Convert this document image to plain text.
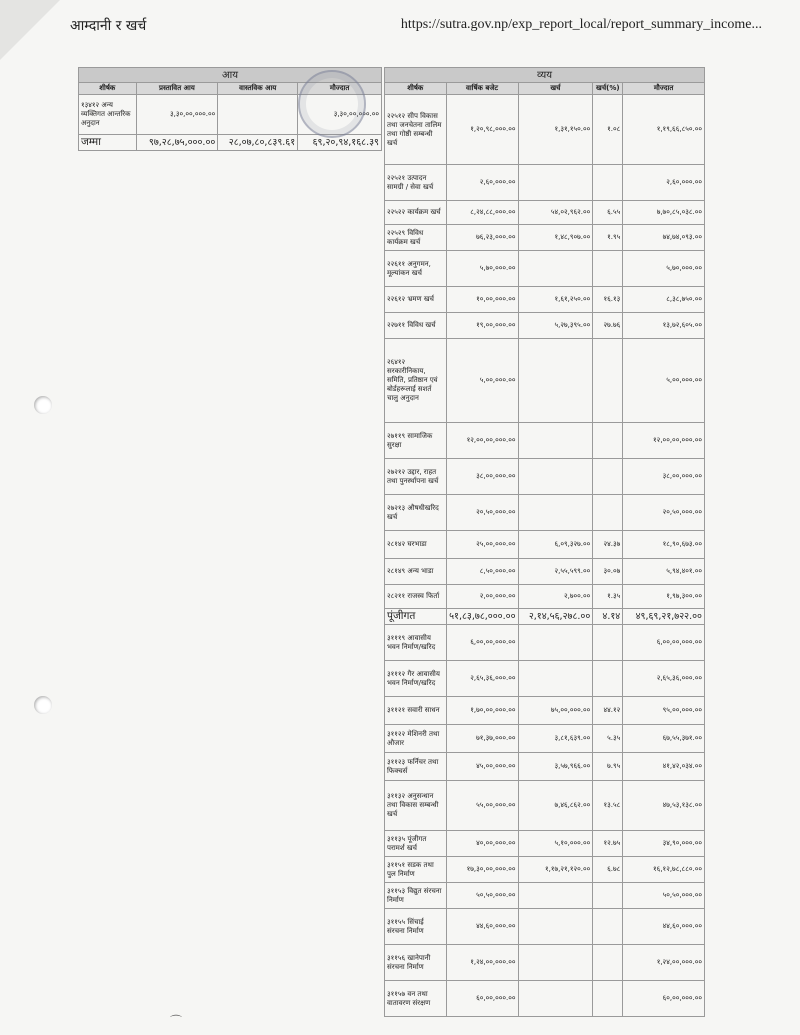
आम्दानी र खर्च	https://sutra.gov.np/exp_report_local/report_summary_income...
आय			
शीर्षक	प्रस्तावित आय	वास्तविक आय	मौज्दात
१३४१२ अन्य व्यक्तिगत आन्तरिक अनुदान	३,३०,००,०००.००		३,३०,००,०००.००
जम्मा	९७,२८,७५,०००.००	२८,०७,८०,८३९.६१	६९,२०,९४,१६८.३९
व्यय				
शीर्षक	वार्षिक बजेट	खर्च	खर्च(%)	मौज्दात
२२५१२ सीप विकास तथा जनचेतना तालिम तथा गोष्ठी सम्बन्धी खर्च	१,२०,९८,०००.००	१,३१,१५०.००	१.०८	१,१९,६६,८५०.००
२२५२१ उत्पादन सामग्री / सेवा खर्च	२,६०,०००.००			२,६०,०००.००
२२५२२ कार्यक्रम खर्च	८,२४,८८,०००.००	५४,०२,९६२.००	६.५५	७,७०,८५,०३८.००
२२५२९ विविध कार्यक्रम खर्च	७६,२३,०००.००	१,४८,९०७.००	१.९५	७४,७४,०९३.००
२२६११ अनुगमन, मूल्यांकन खर्च	५,७०,०००.००			५,७०,०००.००
२२६१२ भ्रमण खर्च	१०,००,०००.००	१,६१,२५०.००	१६.१३	८,३८,७५०.००
२२७११ विविध खर्च	१९,००,०००.००	५,२७,३९५.००	२७.७६	१३,७२,६०५.००
२६४१२ सरकारीनिकाय, समिति, प्रतिष्ठान एवं बोर्डहरूलाई सशर्त चालु अनुदान	५,००,०००.००			५,००,०००.००
२७११९ सामाजिक सुरक्षा	१२,००,००,०००.००			१२,००,००,०००.००
२७२१२ उद्दार, राहत तथा पुनर्स्थापना खर्च	३८,००,०००.००			३८,००,०००.००
२७२१३ औषधीखरिद खर्च	२०,५०,०००.००			२०,५०,०००.००
२८१४२ घरभाडा	२५,००,०००.००	६,०९,३२७.००	२४.३७	१८,९०,६७३.००
२८१४९ अन्य भाडा	८,५०,०००.००	२,५५,५९९.००	३०.०७	५,९४,४०१.००
२८२११ राजस्व फिर्ता	२,००,०००.००	२,७००.००	१.३५	१,९७,३००.००
पूंजीगत	५१,८३,७८,०००.००	२,१४,५६,२७८.००	४.१४	४९,६९,२१,७२२.००
३१११९ आवासीय भवन निर्माण/खरिद	६,००,००,०००.००			६,००,००,०००.००
३१११२ गैर आवासीय भवन निर्माण/खरिद	२,६५,३६,०००.००			२,६५,३६,०००.००
३११२१ सवारी साधन	१,७०,००,०००.००	७५,००,०००.००	४४.१२	९५,००,०००.००
३११२२ मेशिनरी तथा औजार	७१,३७,०००.००	३,८१,६३९.००	५.३५	६७,५५,३७१.००
३११२३ फर्निचर तथा फिक्चर्स	४५,००,०००.००	३,५७,९६६.००	७.९५	४१,४२,०३४.००
३११३२ अनुसन्धान तथा विकास सम्बन्धी खर्च	५५,००,०००.००	७,४६,८६२.००	१३.५८	४७,५३,१३८.००
३११३५ पूंजीगत परामर्श खर्च	४०,००,०००.००	५,१०,०००.००	१२.७५	३४,९०,०००.००
३११५१ सडक तथा पुल निर्माण	१७,३०,००,०००.००	१,१७,२१,१२०.००	६.७८	१६,१२,७८,८८०.००
३११५३ विद्युत संरचना निर्माण	५०,५०,०००.००			५०,५०,०००.००
३११५५ सिंचाई संरचना निर्माण	४४,६०,०००.००			४४,६०,०००.००
३११५६ खानेपानी संरचना निर्माण	१,२४,००,०००.००			१,२४,००,०००.००
३११५७ वन तथा वातावरण संरक्षण	६०,००,०००.००			६०,००,०००.००
⌒
